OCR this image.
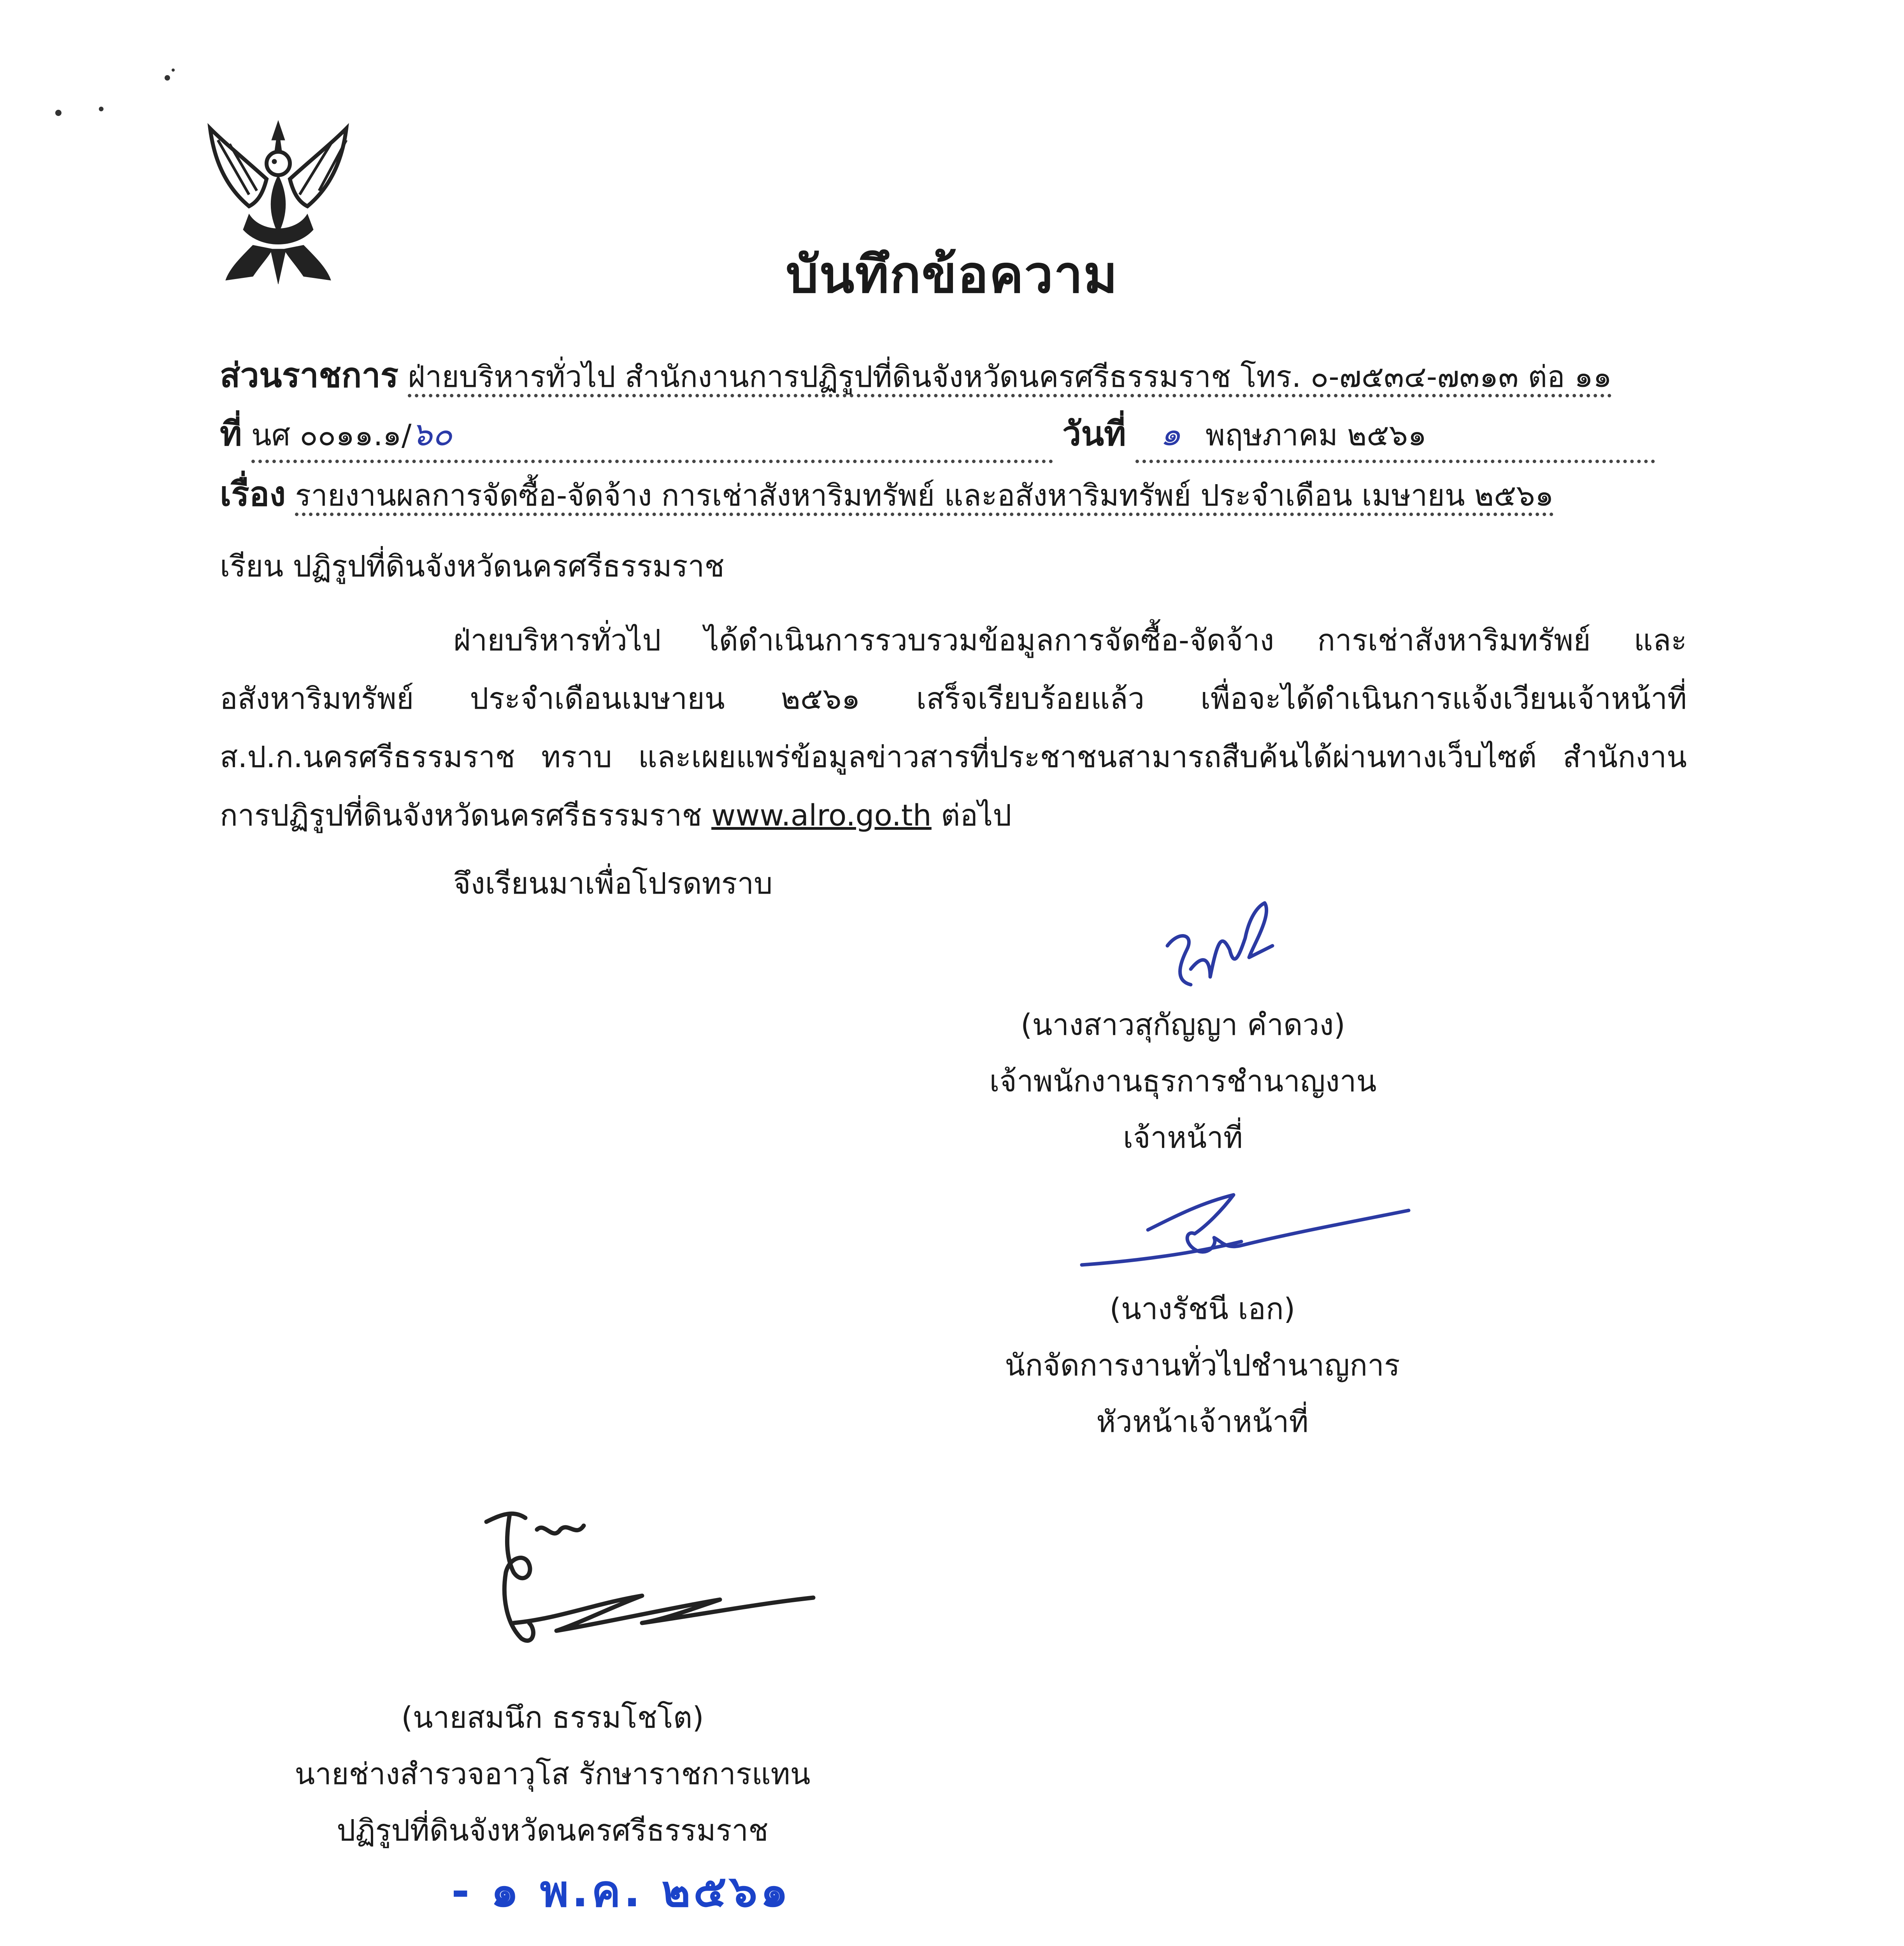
บันทึกข้อความ
ส่วนราชการ ฝ่ายบริหารทั่วไป สำนักงานการปฏิรูปที่ดินจังหวัดนครศรีธรรมราช โทร. ๐-๗๕๓๔-๗๓๑๓ ต่อ ๑๑
ที่ นศ ๐๐๑๑.๑/๖๐	วันที่ ๑ พฤษภาคม ๒๕๖๑
เรื่อง รายงานผลการจัดซื้อ-จัดจ้าง การเช่าสังหาริมทรัพย์ และอสังหาริมทรัพย์ ประจำเดือน เมษายน ๒๕๖๑
เรียน ปฏิรูปที่ดินจังหวัดนครศรีธรรมราช
ฝ่ายบริหารทั่วไป ได้ดำเนินการรวบรวมข้อมูลการจัดซื้อ-จัดจ้าง การเช่าสังหาริมทรัพย์ และอสังหาริมทรัพย์ ประจำเดือนเมษายน ๒๕๖๑ เสร็จเรียบร้อยแล้ว เพื่อจะได้ดำเนินการแจ้งเวียนเจ้าหน้าที่ ส.ป.ก.นครศรีธรรมราช ทราบ และเผยแพร่ข้อมูลข่าวสารที่ประชาชนสามารถสืบค้นได้ผ่านทางเว็บไซต์ สำนักงานการปฏิรูปที่ดินจังหวัดนครศรีธรรมราช www.alro.go.th ต่อไป
จึงเรียนมาเพื่อโปรดทราบ
(นางสาวสุกัญญา คำดวง)
เจ้าพนักงานธุรการชำนาญงาน
เจ้าหน้าที่
(นางรัชนี เอก)
นักจัดการงานทั่วไปชำนาญการ
หัวหน้าเจ้าหน้าที่
(นายสมนึก ธรรมโชโต)
นายช่างสำรวจอาวุโส รักษาราชการแทน
ปฏิรูปที่ดินจังหวัดนครศรีธรรมราช
- ๑ พ.ค. ๒๕๖๑
